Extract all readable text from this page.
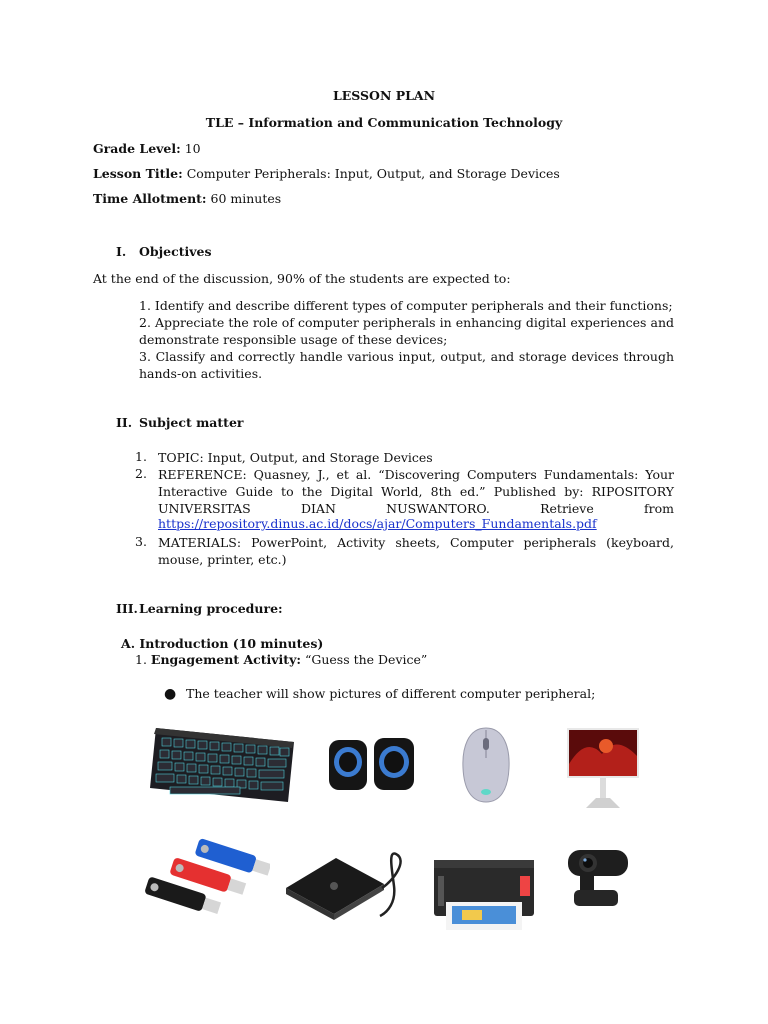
LESSON PLAN
TLE – Information and Communication Technology
Grade Level: 10
Lesson Title: Computer Peripherals: Input, Output, and Storage Devices
Time Allotment: 60 minutes
I. Objectives
At the end of the discussion, 90% of the students are expected to:
1. Identify and describe different types of computer peripherals and their functions;
2. Appreciate the role of computer peripherals in enhancing digital experiences and demonstrate responsible usage of these devices;
3. Classify and correctly handle various input, output, and storage devices through hands-on activities.
II. Subject matter
1. TOPIC: Input, Output, and Storage Devices
2. REFERENCE: Quasney, J., et al. “Discovering Computers Fundamentals: Your Interactive Guide to the Digital World, 8th ed.” Published by: RIPOSITORY UNIVERSITAS DIAN NUSWANTORO. Retrieve from
https://repository.dinus.ac.id/docs/ajar/Computers_Fundamentals.pdf
3. MATERIALS: PowerPoint, Activity sheets, Computer peripherals (keyboard, mouse, printer, etc.)
III. Learning procedure:
A. Introduction (10 minutes)
1. Engagement Activity: “Guess the Device”
● The teacher will show pictures of different computer peripheral;
